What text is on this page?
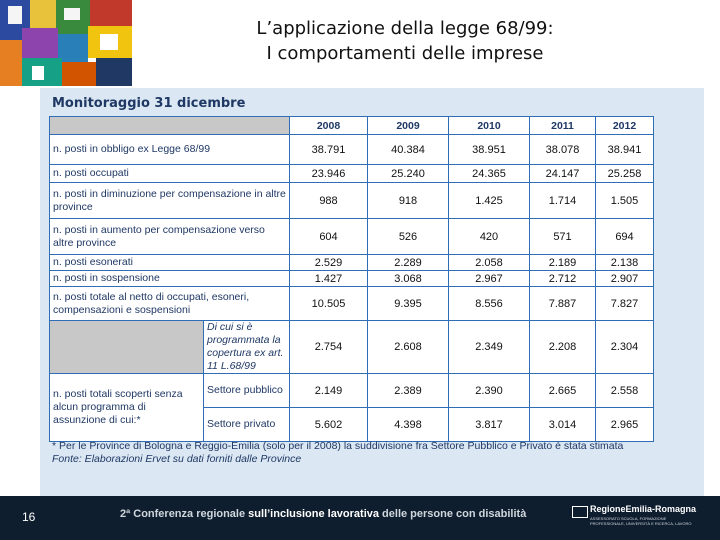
L’applicazione della legge 68/99:
I comportamenti delle imprese
Monitoraggio 31 dicembre
		2008	2009	2010	2011	2012
n. posti in obbligo ex Legge 68/99		38.791	40.384	38.951	38.078	38.941
n. posti occupati		23.946	25.240	24.365	24.147	25.258
n. posti in diminuzione per compensazione in altre province		988	918	1.425	1.714	1.505
n. posti in aumento per compensazione verso altre province		604	526	420	571	694
n. posti esonerati		2.529	2.289	2.058	2.189	2.138
n. posti in sospensione		1.427	3.068	2.967	2.712	2.907
n. posti totale al netto di occupati, esoneri, compensazioni e sospensioni		10.505	9.395	8.556	7.887	7.827
	Di cui si è programmata la copertura ex art. 11 L.68/99	2.754	2.608	2.349	2.208	2.304
n. posti totali scoperti senza alcun programma di assunzione di cui:*	Settore pubblico	2.149	2.389	2.390	2.665	2.558
	Settore privato	5.602	4.398	3.817	3.014	2.965
* Per le Province di Bologna e Reggio-Emilia (solo per il 2008) la suddivisione fra Settore Pubblico e Privato è stata stimata
Fonte: Elaborazioni Ervet su dati forniti dalle Province
16	2ª Conferenza regionale sull’inclusione lavorativa delle persone con disabilità	RegioneEmilia-Romagna
ASSESSORATO SCUOLA, FORMAZIONE PROFESSIONALE, UNIVERSITÀ E RICERCA, LAVORO
